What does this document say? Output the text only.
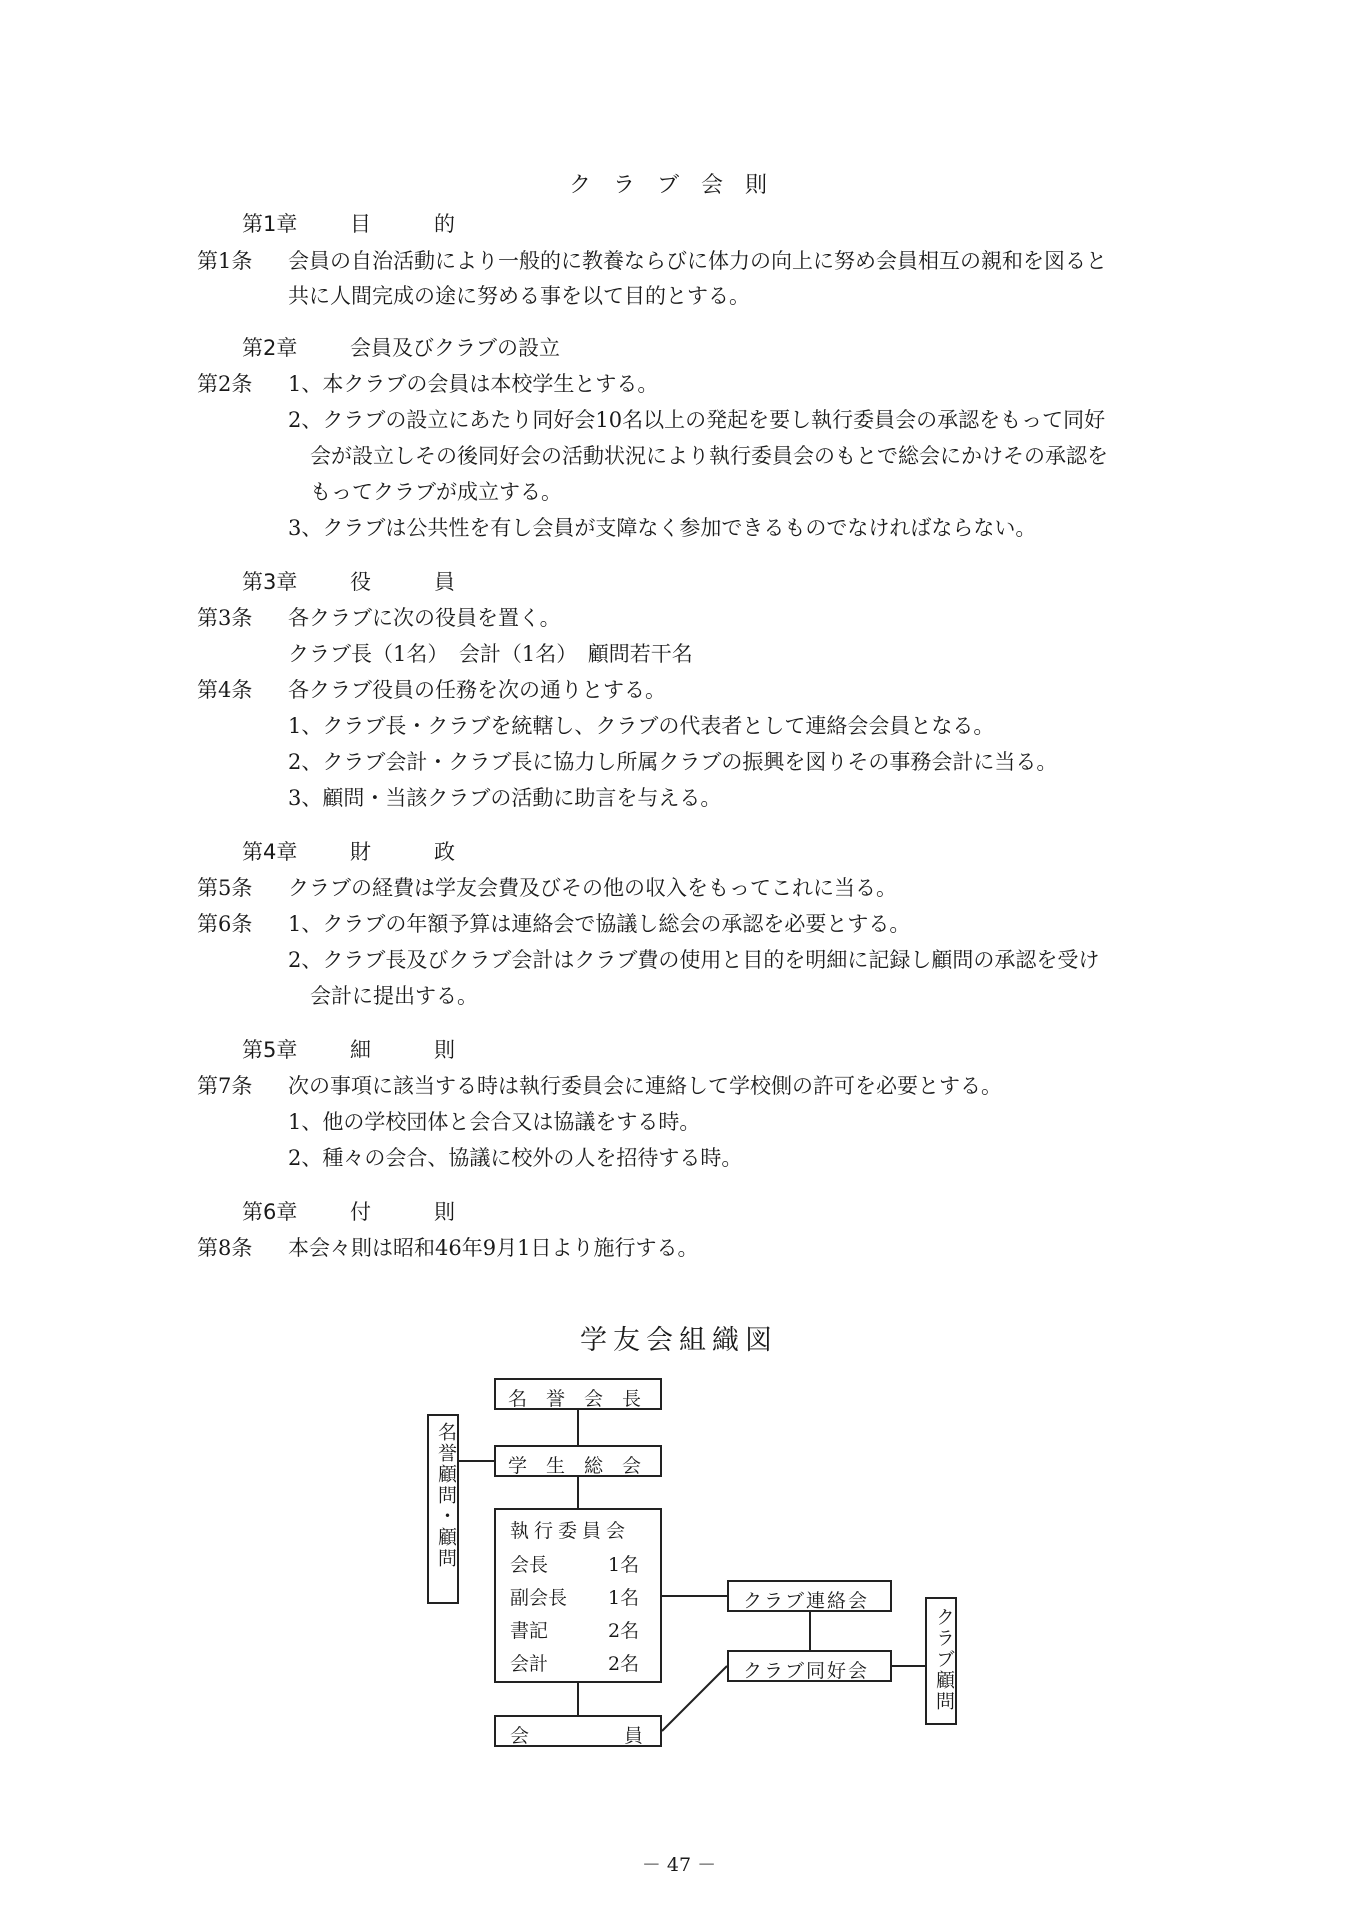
クラブ会則
第1章	目　　　的
第1条 会員の自治活動により一般的に教養ならびに体力の向上に努め会員相互の親和を図ると
共に人間完成の途に努める事を以て目的とする。
第2章	会員及びクラブの設立
第2条 1、本クラブの会員は本校学生とする。
2、クラブの設立にあたり同好会10名以上の発起を要し執行委員会の承認をもって同好
会が設立しその後同好会の活動状況により執行委員会のもとで総会にかけその承認を
もってクラブが成立する。
3、クラブは公共性を有し会員が支障なく参加できるものでなければならない。
第3章	役　　　員
第3条 各クラブに次の役員を置く。
クラブ長（1名）　会計（1名）　顧問若干名
第4条 各クラブ役員の任務を次の通りとする。
1、クラブ長・クラブを統轄し、クラブの代表者として連絡会会員となる。
2、クラブ会計・クラブ長に協力し所属クラブの振興を図りその事務会計に当る。
3、顧問・当該クラブの活動に助言を与える。
第4章	財　　　政
第5条 クラブの経費は学友会費及びその他の収入をもってこれに当る。
第6条 1、クラブの年額予算は連絡会で協議し総会の承認を必要とする。
2、クラブ長及びクラブ会計はクラブ費の使用と目的を明細に記録し顧問の承認を受け
会計に提出する。
第5章	細　　　則
第7条 次の事項に該当する時は執行委員会に連絡して学校側の許可を必要とする。
1、他の学校団体と会合又は協議をする時。
2、種々の会合、協議に校外の人を招待する時。
第6章	付　　　則
第8条 本会々則は昭和46年9月1日より施行する。
学友会組織図
名　誉　会　長
学　生　総　会
名誉顧問・顧問	執行委員会
会長	1名
副会長 1名
書記	2名
会計	2名
会　　　　　員
クラブ連絡会
クラブ同好会	クラブ顧問
－ 47 －
